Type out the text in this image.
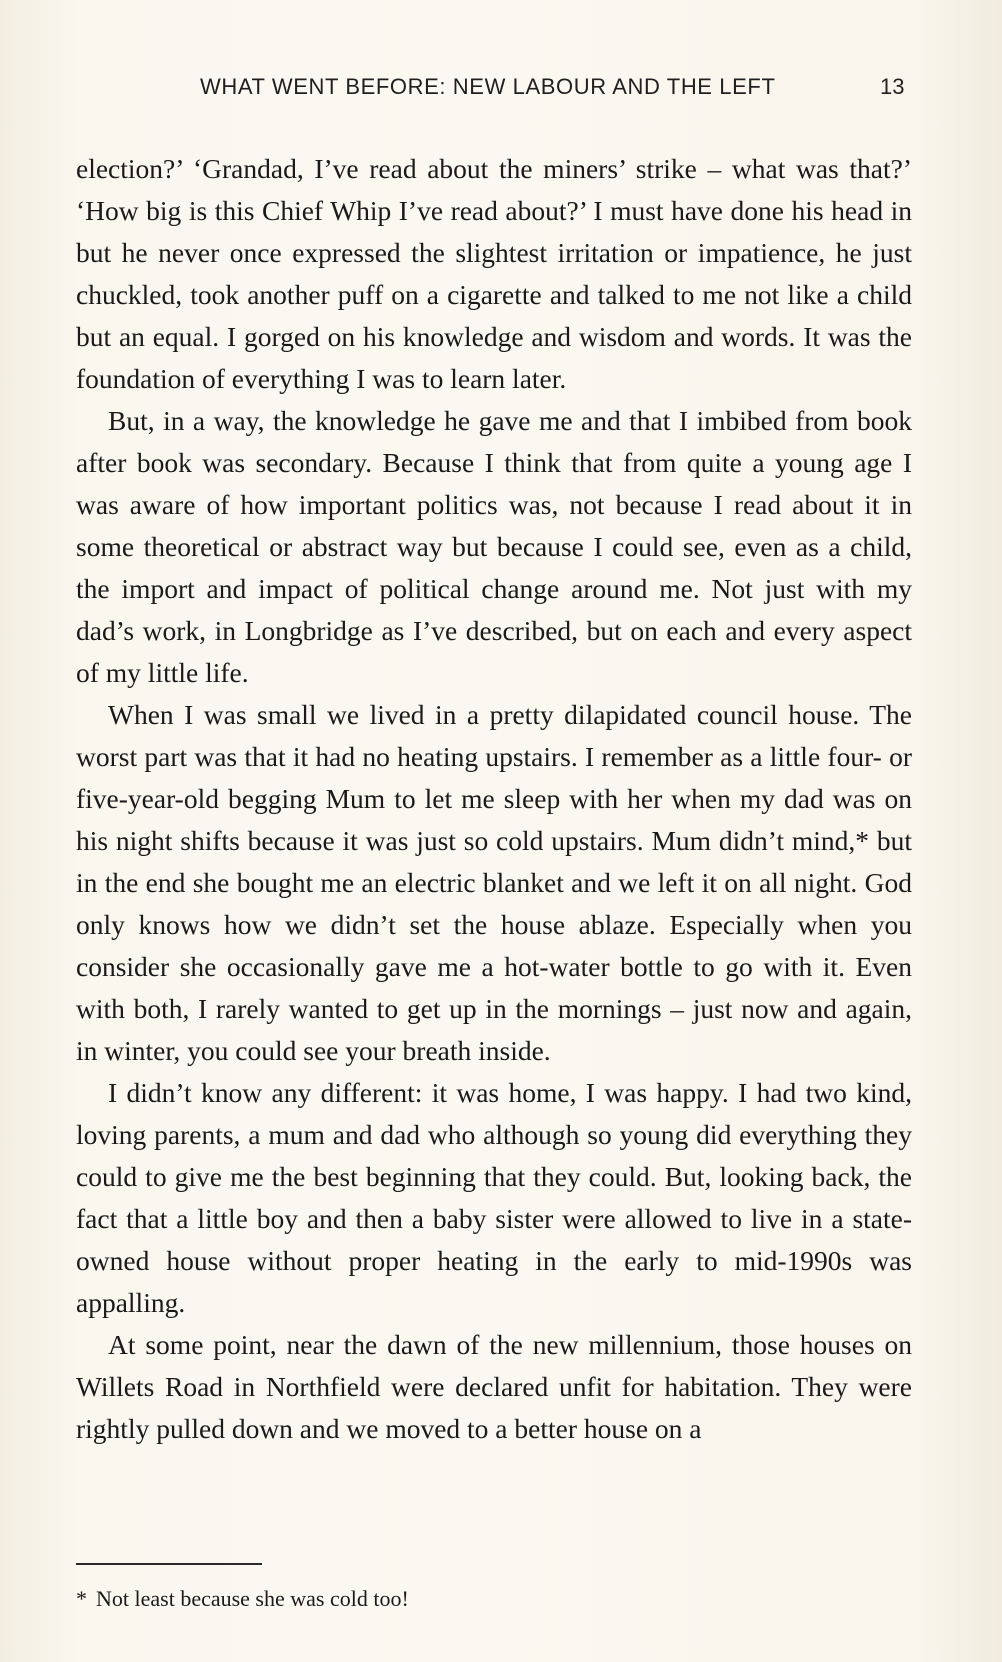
WHAT WENT BEFORE: NEW LABOUR AND THE LEFT	13

election?’ ‘Grandad, I’ve read about the miners’ strike – what was that?’ ‘How big is this Chief Whip I’ve read about?’ I must have done his head in but he never once expressed the slightest irritation or impatience, he just chuckled, took another puff on a cigarette and talked to me not like a child but an equal. I gorged on his knowledge and wisdom and words. It was the foundation of everything I was to learn later.

But, in a way, the knowledge he gave me and that I imbibed from book after book was secondary. Because I think that from quite a young age I was aware of how important politics was, not because I read about it in some theoretical or abstract way but because I could see, even as a child, the import and impact of political change around me. Not just with my dad’s work, in Longbridge as I’ve described, but on each and every aspect of my little life.

When I was small we lived in a pretty dilapidated council house. The worst part was that it had no heating upstairs. I remember as a little four- or five-year-old begging Mum to let me sleep with her when my dad was on his night shifts because it was just so cold upstairs. Mum didn’t mind,* but in the end she bought me an electric blanket and we left it on all night. God only knows how we didn’t set the house ablaze. Especially when you consider she occasionally gave me a hot-water bottle to go with it. Even with both, I rarely wanted to get up in the mornings – just now and again, in winter, you could see your breath inside.

I didn’t know any different: it was home, I was happy. I had two kind, loving parents, a mum and dad who although so young did everything they could to give me the best beginning that they could. But, looking back, the fact that a little boy and then a baby sister were allowed to live in a state-owned house without proper heating in the early to mid-1990s was appalling.

At some point, near the dawn of the new millennium, those houses on Willets Road in Northfield were declared unfit for habitation. They were rightly pulled down and we moved to a better house on a

* Not least because she was cold too!
